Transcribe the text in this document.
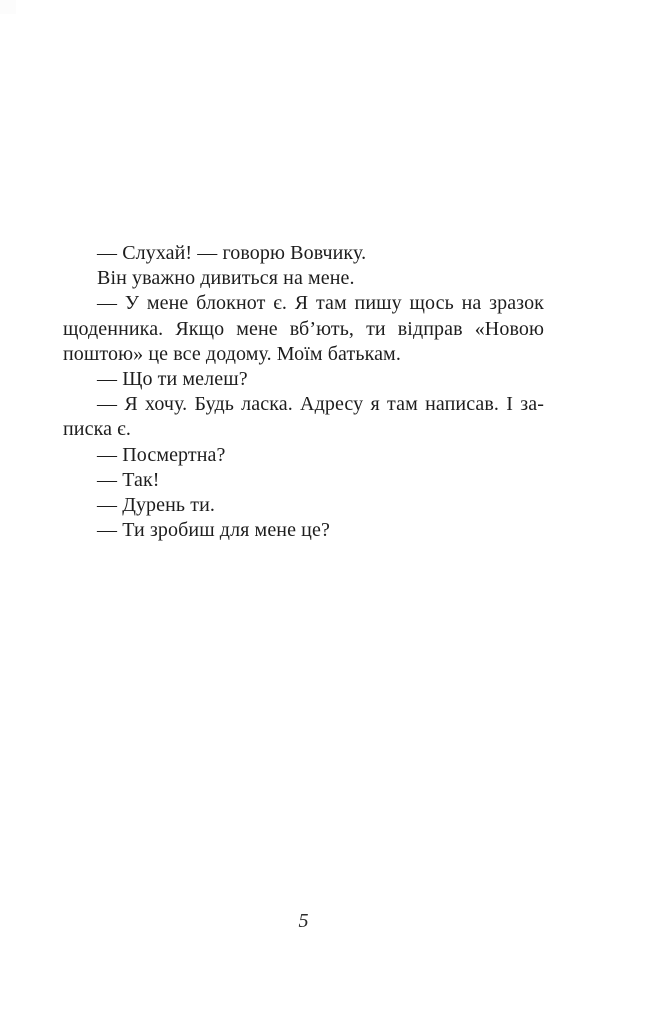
— Слухай! — говорю Вовчику.
Він уважно дивиться на мене.
— У мене блокнот є. Я там пишу щось на зразок
щоденника. Якщо мене вб’ють, ти відправ «Новою
поштою» це все додому. Моїм батькам.
— Що ти мелеш?
— Я хочу. Будь ласка. Адресу я там написав. І за-
писка є.
— Посмертна?
— Так!
— Дурень ти.
— Ти зробиш для мене це?
5
